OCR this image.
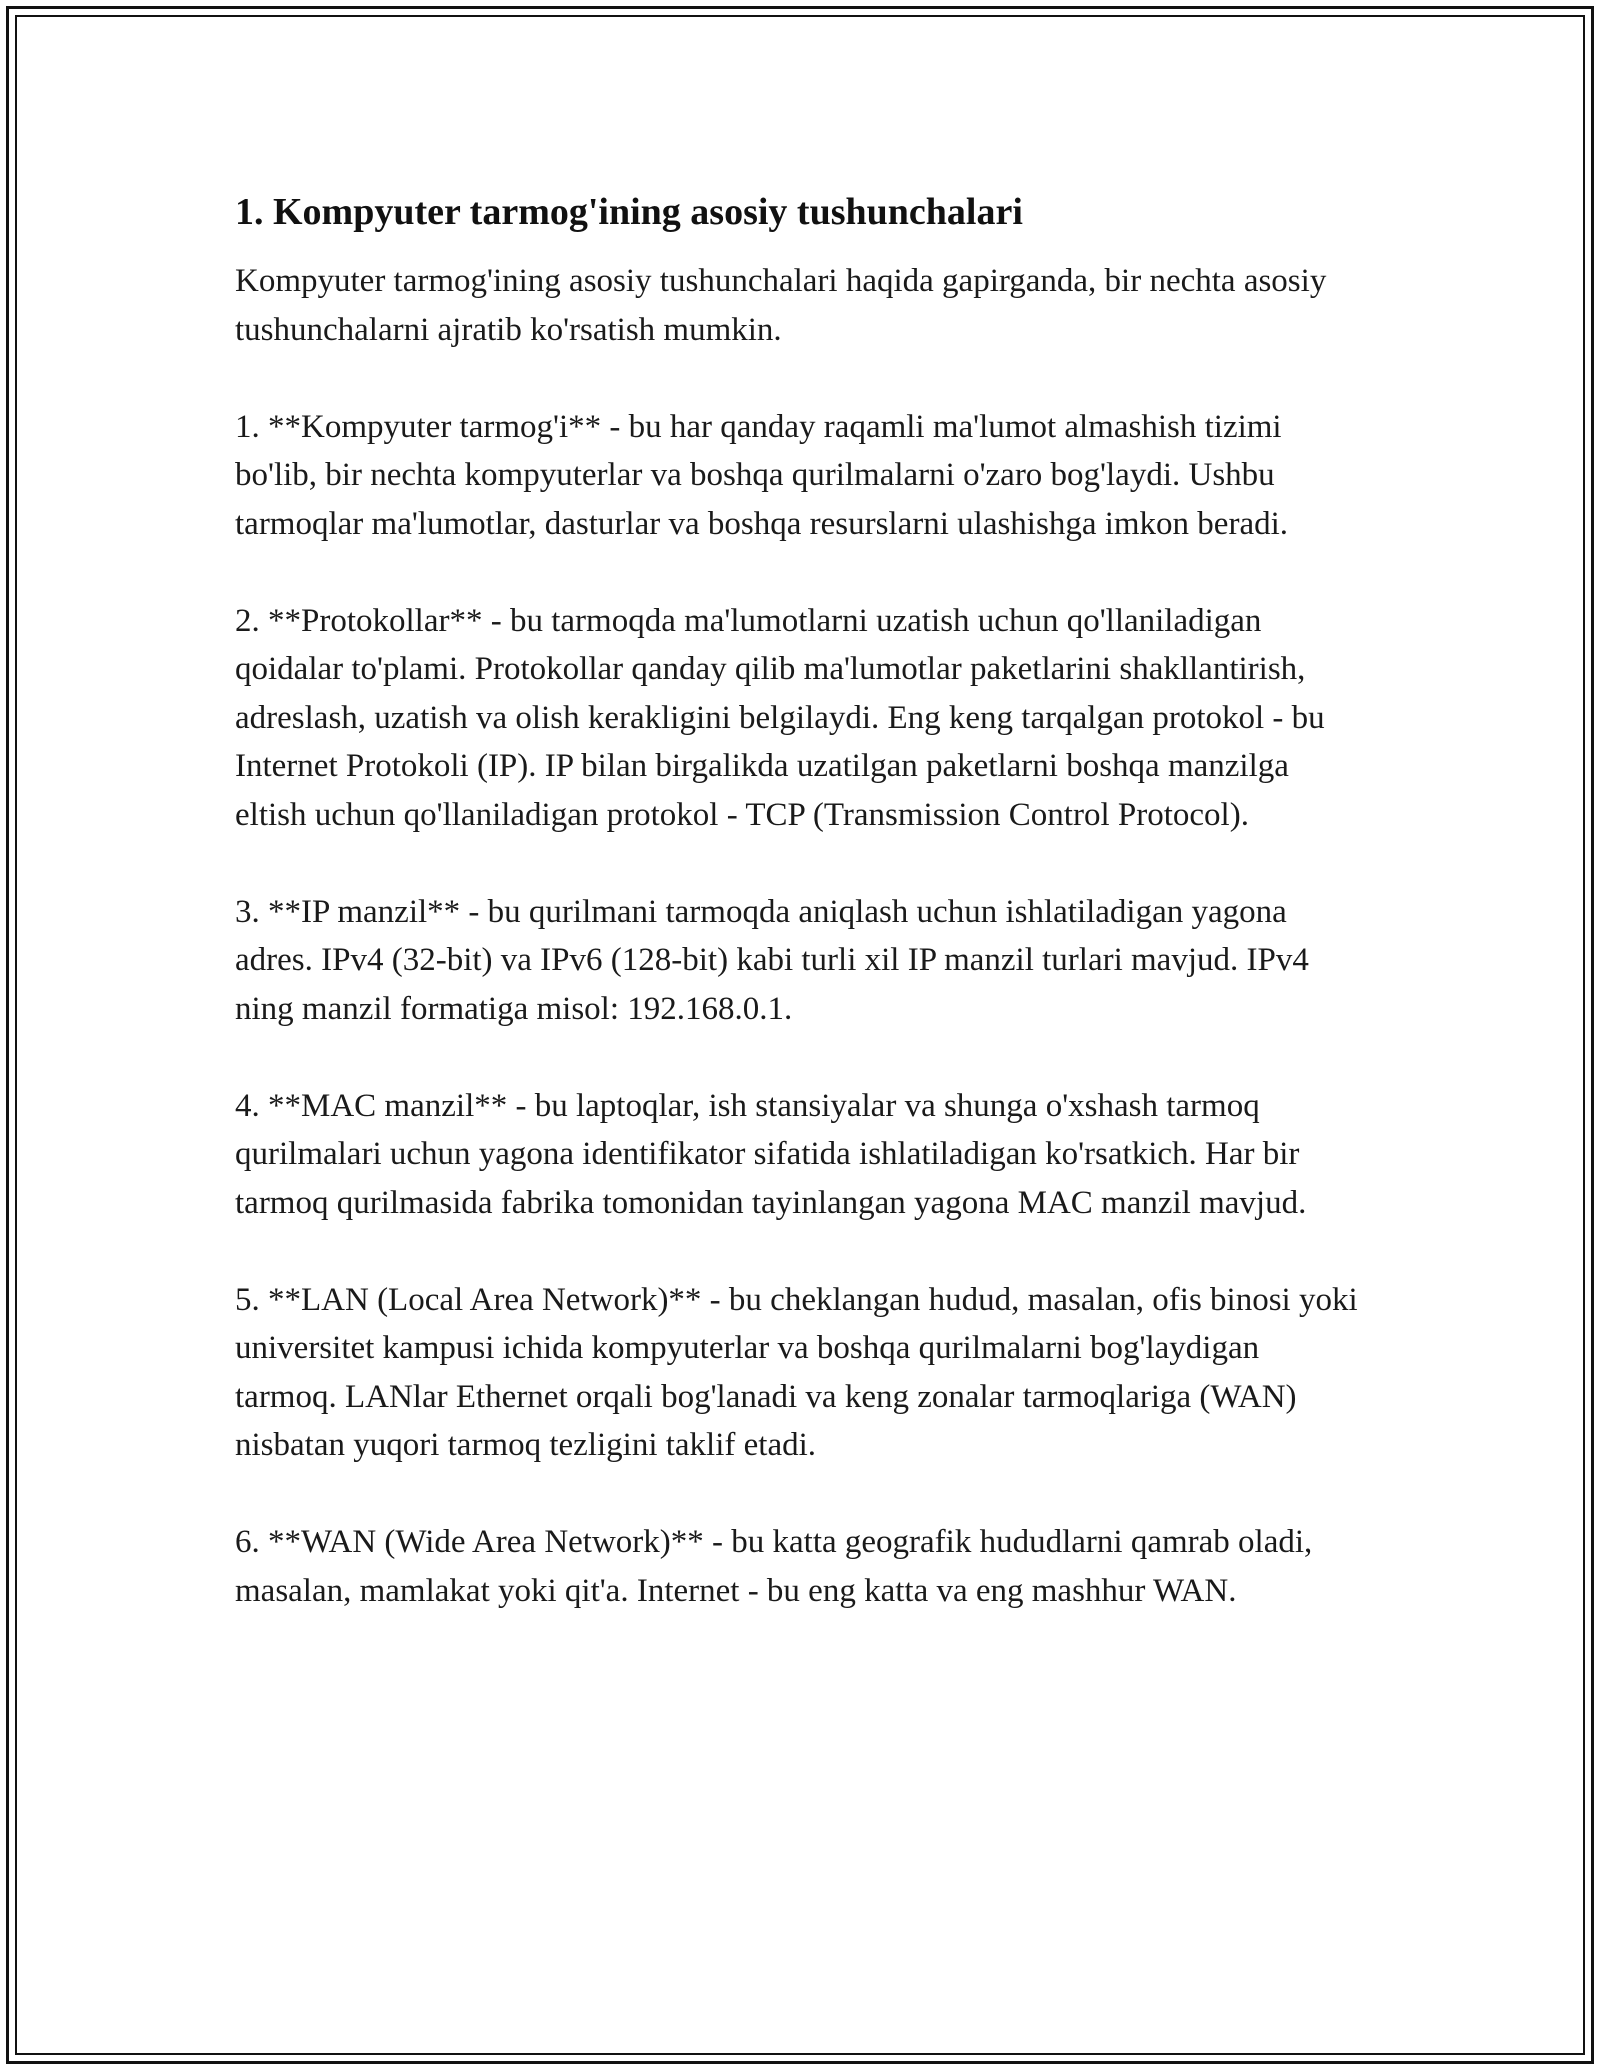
1. Kompyuter tarmog'ining asosiy tushunchalari

Kompyuter tarmog'ining asosiy tushunchalari haqida gapirganda, bir nechta asosiy tushunchalarni ajratib ko'rsatish mumkin.

1. **Kompyuter tarmog'i** - bu har qanday raqamli ma'lumot almashish tizimi bo'lib, bir nechta kompyuterlar va boshqa qurilmalarni o'zaro bog'laydi. Ushbu tarmoqlar ma'lumotlar, dasturlar va boshqa resurslarni ulashishga imkon beradi.

2. **Protokollar** - bu tarmoqda ma'lumotlarni uzatish uchun qo'llaniladigan qoidalar to'plami. Protokollar qanday qilib ma'lumotlar paketlarini shakllantirish, adreslash, uzatish va olish kerakligini belgilaydi. Eng keng tarqalgan protokol - bu Internet Protokoli (IP). IP bilan birgalikda uzatilgan paketlarni boshqa manzilga eltish uchun qo'llaniladigan protokol - TCP (Transmission Control Protocol).

3. **IP manzil** - bu qurilmani tarmoqda aniqlash uchun ishlatiladigan yagona adres. IPv4 (32-bit) va IPv6 (128-bit) kabi turli xil IP manzil turlari mavjud. IPv4 ning manzil formatiga misol: 192.168.0.1.

4. **MAC manzil** - bu laptoqlar, ish stansiyalar va shunga o'xshash tarmoq qurilmalari uchun yagona identifikator sifatida ishlatiladigan ko'rsatkich. Har bir tarmoq qurilmasida fabrika tomonidan tayinlangan yagona MAC manzil mavjud.

5. **LAN (Local Area Network)** - bu cheklangan hudud, masalan, ofis binosi yoki universitet kampusi ichida kompyuterlar va boshqa qurilmalarni bog'laydigan tarmoq. LANlar Ethernet orqali bog'lanadi va keng zonalar tarmoqlariga (WAN) nisbatan yuqori tarmoq tezligini taklif etadi.

6. **WAN (Wide Area Network)** - bu katta geografik hududlarni qamrab oladi, masalan, mamlakat yoki qit'a. Internet - bu eng katta va eng mashhur WAN.
